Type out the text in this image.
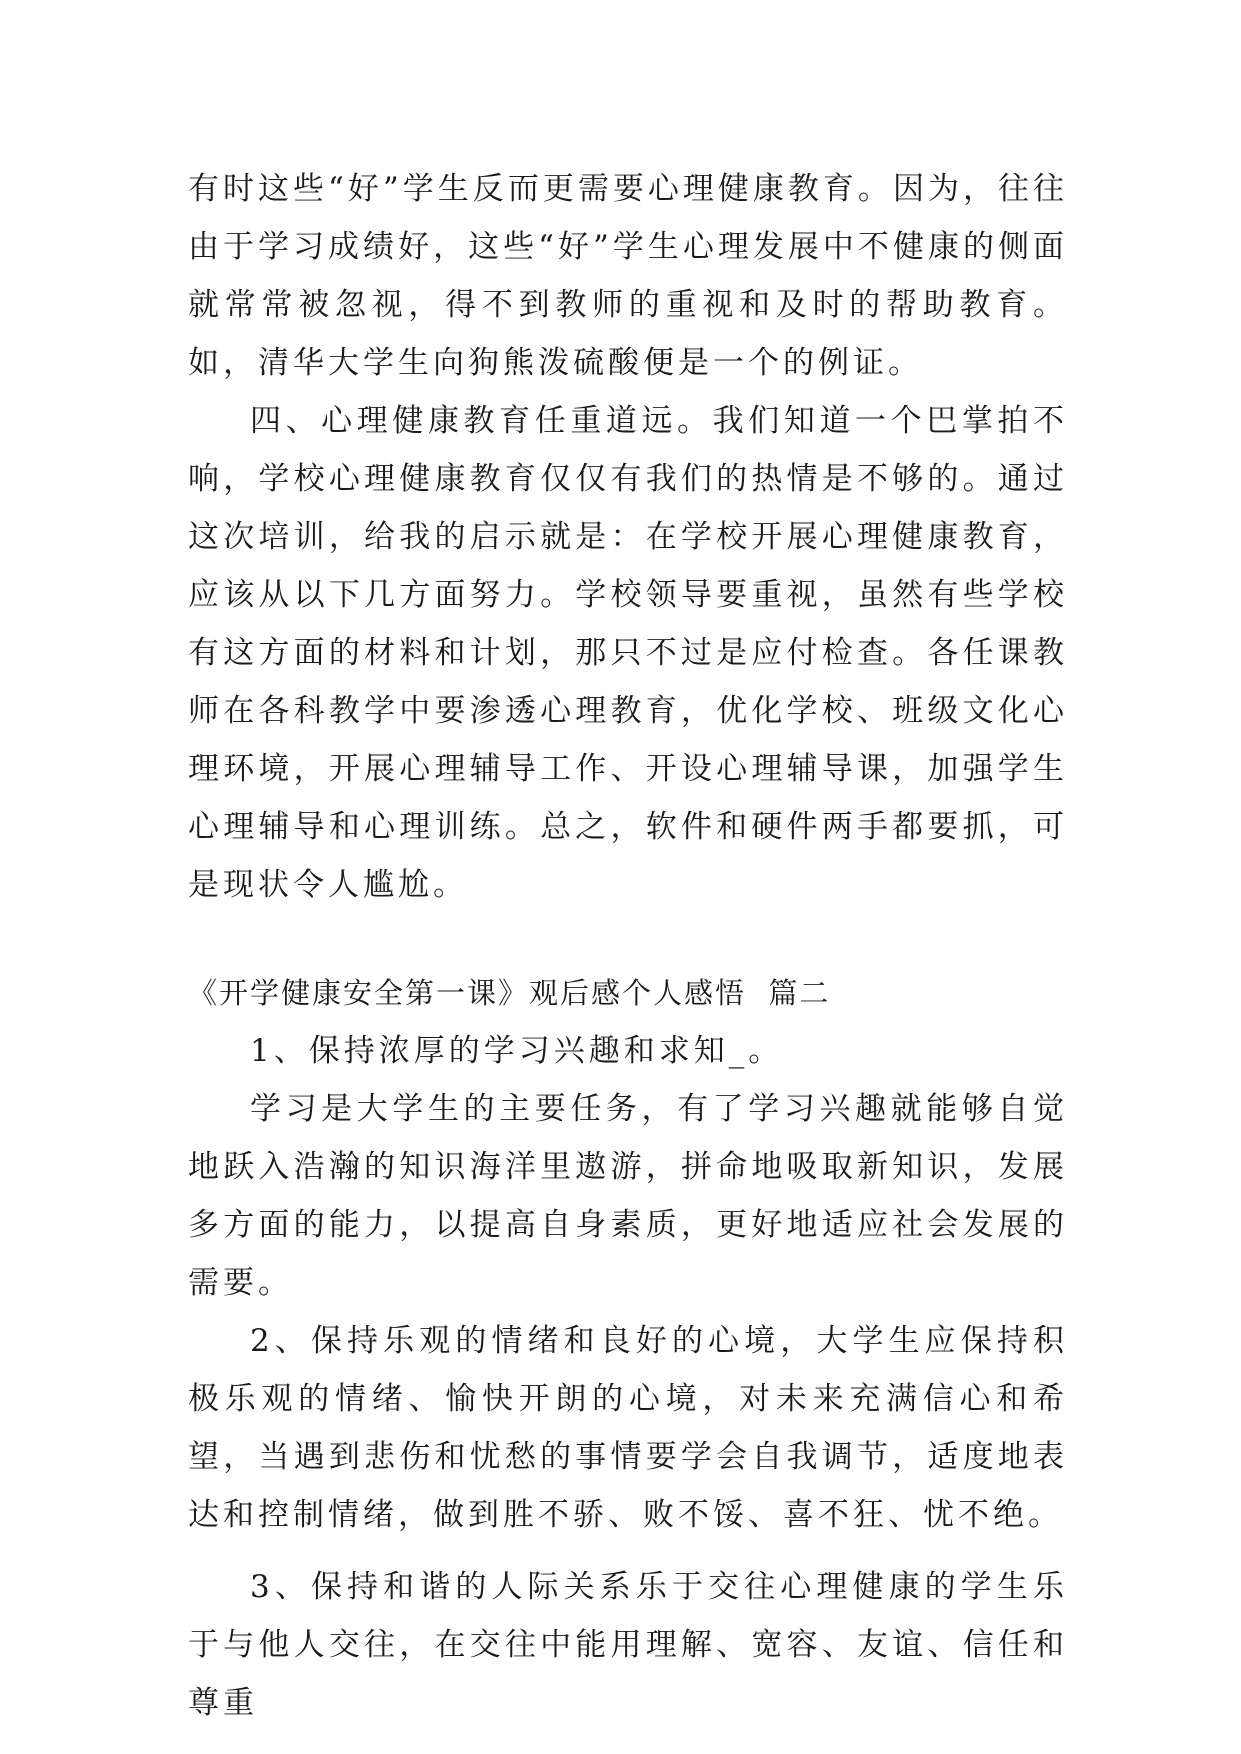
有时这些“好”学生反而更需要心理健康教育。因为，往往由于学习成绩好，这些“好”学生心理发展中不健康的侧面就常常被忽视，得不到教师的重视和及时的帮助教育。如，清华大学生向狗熊泼硫酸便是一个的例证。

四、心理健康教育任重道远。我们知道一个巴掌拍不响，学校心理健康教育仅仅有我们的热情是不够的。通过这次培训，给我的启示就是：在学校开展心理健康教育，应该从以下几方面努力。学校领导要重视，虽然有些学校有这方面的材料和计划，那只不过是应付检查。各任课教师在各科教学中要渗透心理教育，优化学校、班级文化心理环境，开展心理辅导工作、开设心理辅导课，加强学生心理辅导和心理训练。总之，软件和硬件两手都要抓，可是现状令人尴尬。

《开学健康安全第一课》观后感个人感悟  篇二

1、保持浓厚的学习兴趣和求知_。

学习是大学生的主要任务，有了学习兴趣就能够自觉地跃入浩瀚的知识海洋里遨游，拼命地吸取新知识，发展多方面的能力，以提高自身素质，更好地适应社会发展的需要。

2、保持乐观的情绪和良好的心境，大学生应保持积极乐观的情绪、愉快开朗的心境，对未来充满信心和希望，当遇到悲伤和忧愁的事情要学会自我调节，适度地表达和控制情绪，做到胜不骄、败不馁、喜不狂、忧不绝。

3、保持和谐的人际关系乐于交往心理健康的学生乐于与他人交往，在交往中能用理解、宽容、友谊、信任和尊重
